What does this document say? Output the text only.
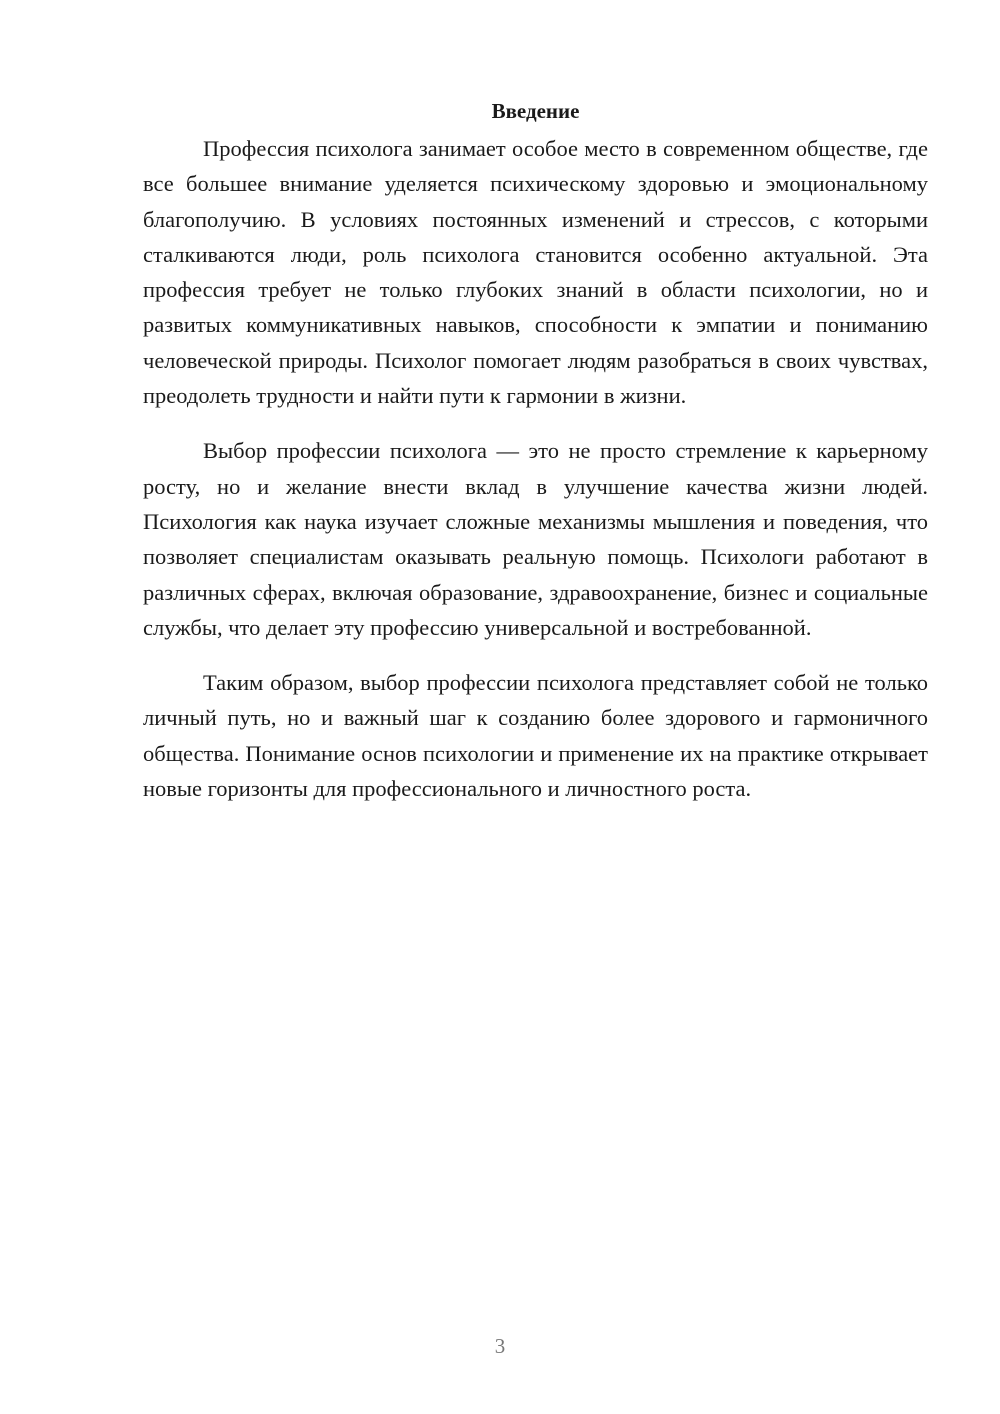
Введение

Профессия психолога занимает особое место в современном обществе, где все большее внимание уделяется психическому здоровью и эмоциональному благополучию. В условиях постоянных изменений и стрессов, с которыми сталкиваются люди, роль психолога становится особенно актуальной. Эта профессия требует не только глубоких знаний в области психологии, но и развитых коммуникативных навыков, способности к эмпатии и пониманию человеческой природы. Психолог помогает людям разобраться в своих чувствах, преодолеть трудности и найти пути к гармонии в жизни.

Выбор профессии психолога — это не просто стремление к карьерному росту, но и желание внести вклад в улучшение качества жизни людей. Психология как наука изучает сложные механизмы мышления и поведения, что позволяет специалистам оказывать реальную помощь. Психологи работают в различных сферах, включая образование, здравоохранение, бизнес и социальные службы, что делает эту профессию универсальной и востребованной.

Таким образом, выбор профессии психолога представляет собой не только личный путь, но и важный шаг к созданию более здорового и гармоничного общества. Понимание основ психологии и применение их на практике открывает новые горизонты для профессионального и личностного роста.

3
